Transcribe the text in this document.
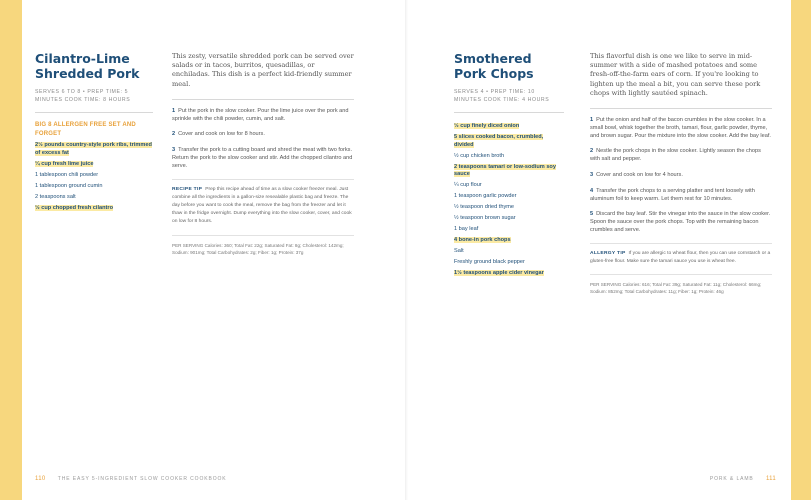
Cilantro-Lime Shredded Pork
SERVES 6 TO 8 • PREP TIME: 5 MINUTES COOK TIME: 8 HOURS
BIG 8 ALLERGEN FREE SET AND FORGET
2½ pounds country-style pork ribs, trimmed of excess fat
¼ cup fresh lime juice
1 tablespoon chili powder
1 tablespoon ground cumin
2 teaspoons salt
½ cup chopped fresh cilantro

This zesty, versatile shredded pork can be served over salads or in tacos, burritos, quesadillas, or enchiladas. This dish is a perfect kid-friendly summer meal.

1 Put the pork in the slow cooker. Pour the lime juice over the pork and sprinkle with the chili powder, cumin, and salt.
2 Cover and cook on low for 8 hours.
3 Transfer the pork to a cutting board and shred the meat with two forks. Return the pork to the slow cooker and stir. Add the chopped cilantro and serve.
RECIPE TIP Prep this recipe ahead of time as a slow cooker freezer meal. Just combine all the ingredients in a gallon-size resealable plastic bag and freeze. The day before you want to cook the meal, remove the bag from the freezer and let it thaw in the fridge overnight. Dump everything into the slow cooker, cover, and cook on low for 8 hours.
PER SERVING Calories: 360; Total Fat: 22g; Saturated Fat: 8g; Cholesterol: 142mg; Sodium: 901mg; Total Carbohydrates: 2g; Fiber: 1g; Protein: 37g
110 THE EASY 5-INGREDIENT SLOW COOKER COOKBOOK
Smothered Pork Chops
SERVES 4 • PREP TIME: 10 MINUTES COOK TIME: 4 HOURS
½ cup finely diced onion
5 slices cooked bacon, crumbled, divided
½ cup chicken broth
2 teaspoons tamari or low-sodium soy sauce
¼ cup flour
1 teaspoon garlic powder
½ teaspoon dried thyme
½ teaspoon brown sugar
1 bay leaf
4 bone-in pork chops
Salt
Freshly ground black pepper
1½ teaspoons apple cider vinegar

This flavorful dish is one we like to serve in mid-summer with a side of mashed potatoes and some fresh-off-the-farm ears of corn. If you're looking to lighten up the meal a bit, you can serve these pork chops with lightly sautéed spinach.

1 Put the onion and half of the bacon crumbles in the slow cooker. In a small bowl, whisk together the broth, tamari, flour, garlic powder, thyme, and brown sugar. Pour the mixture into the slow cooker. Add the bay leaf.
2 Nestle the pork chops in the slow cooker. Lightly season the chops with salt and pepper.
3 Cover and cook on low for 4 hours.
4 Transfer the pork chops to a serving platter and tent loosely with aluminum foil to keep warm. Let them rest for 10 minutes.
5 Discard the bay leaf. Stir the vinegar into the sauce in the slow cooker. Spoon the sauce over the pork chops. Top with the remaining bacon crumbles and serve.
ALLERGY TIP If you are allergic to wheat flour, then you can use cornstarch or a gluten-free flour. Make sure the tamari sauce you use is wheat free.
PER SERVING Calories: 616; Total Fat: 39g; Saturated Fat: 11g; Cholesterol: 66mg; Sodium: 852mg; Total Carbohydrates: 11g; Fiber: 1g; Protein: 46g
PORK & LAMB 111
